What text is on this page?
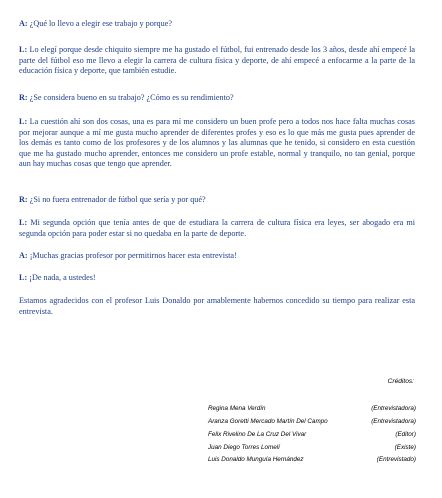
A: ¿Qué lo llevo a elegir ese trabajo y porque?

L: Lo elegí porque desde chiquito siempre me ha gustado el fútbol, fui entrenado desde los 3 años, desde ahí empecé la parte del fútbol eso me llevo a elegir la carrera de cultura física y deporte, de ahí empecé a enfocarme a la parte de la educación física y deporte, que también estudie.

R: ¿Se considera bueno en su trabajo? ¿Cómo es su rendimiento?

L: La cuestión ahí son dos cosas, una es para mí me considero un buen profe pero a todos nos hace falta muchas cosas por mejorar aunque a mí me gusta mucho aprender de diferentes profes y eso es lo que más me gusta pues aprender de los demás es tanto como de los profesores y de los alumnos y las alumnas que he tenido, si considero en esta cuestión que me ha gustado mucho aprender, entonces me considero un profe estable, normal y tranquilo, no tan genial, porque aun hay muchas cosas que tengo que aprender.

R: ¿Si no fuera entrenador de fútbol que sería y por qué?

L: Mi segunda opción que tenía antes de que de estudiara la carrera de cultura física era leyes, ser abogado era mi segunda opción para poder estar si no quedaba en la parte de deporte.

A: ¡Muchas gracias profesor por permitirnos hacer esta entrevista!

L: ¡De nada, a ustedes!

Estamos agradecidos con el profesor Luis Donaldo por amablemente habernos concedido su tiempo para realizar esta entrevista.

Créditos:
Regina Mena Verdín	(Entrevistadora)
Aranza Goretti Mercado Martín Del Campo	(Entrevistadora)
Felix Rivelino De La Cruz Del Vivar	(Editor)
Juan Diego Torres Lomelí	(Existe)
Luis Donaldo Munguía Hernández	(Entrevistado)
